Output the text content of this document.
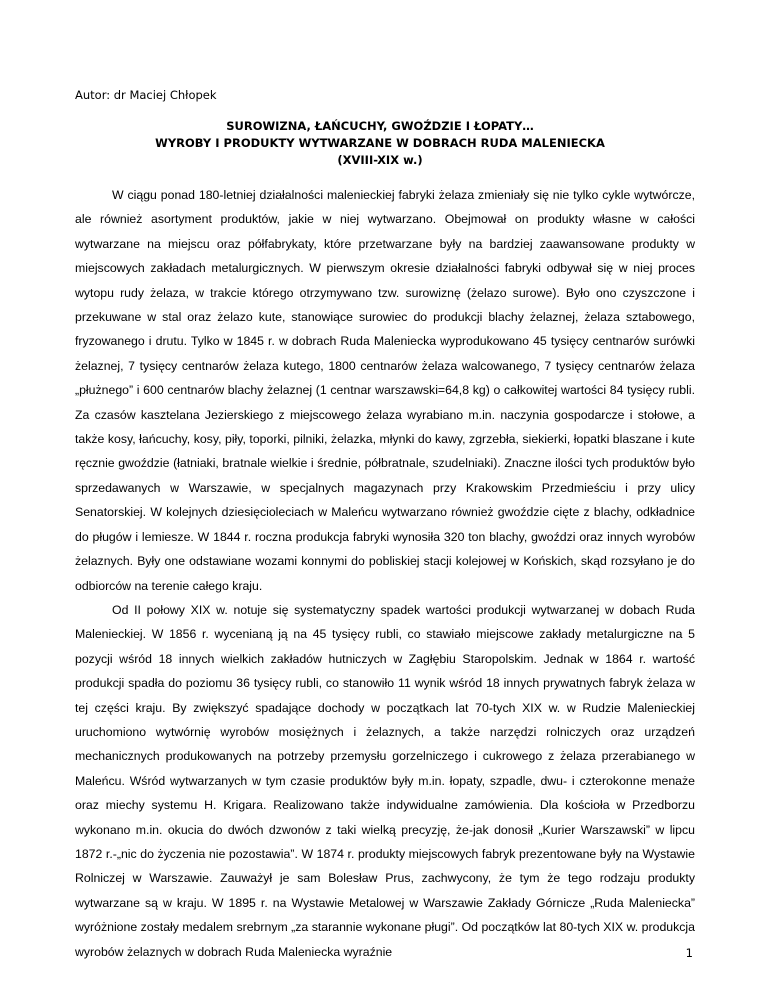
Autor: dr Maciej Chłopek
SUROWIZNA, ŁAŃCUCHY, GWOŹDZIE I ŁOPATY…
WYROBY I PRODUKTY WYTWARZANE W DOBRACH RUDA MALENIECKA
(XVIII-XIX w.)

W ciągu ponad 180-letniej działalności malenieckiej fabryki żelaza zmieniały się nie tylko cykle wytwórcze, ale również asortyment produktów, jakie w niej wytwarzano. Obejmował on produkty własne w całości wytwarzane na miejscu oraz półfabrykaty, które przetwarzane były na bardziej zaawansowane produkty w miejscowych zakładach metalurgicznych. W pierwszym okresie działalności fabryki odbywał się w niej proces wytopu rudy żelaza, w trakcie którego otrzymywano tzw. surowiznę (żelazo surowe). Było ono czyszczone i przekuwane w stal oraz żelazo kute, stanowiące surowiec do produkcji blachy żelaznej, żelaza sztabowego, fryzowanego i drutu. Tylko w 1845 r. w dobrach Ruda Maleniecka wyprodukowano 45 tysięcy centnarów surówki żelaznej, 7 tysięcy centnarów żelaza kutego, 1800 centnarów żelaza walcowanego, 7 tysięcy centnarów żelaza „płużnego” i 600 centnarów blachy żelaznej (1 centnar warszawski=64,8 kg) o całkowitej wartości 84 tysięcy rubli. Za czasów kasztelana Jezierskiego z miejscowego żelaza wyrabiano m.in. naczynia gospodarcze i stołowe, a także kosy, łańcuchy, kosy, piły, toporki, pilniki, żelazka, młynki do kawy, zgrzebła, siekierki, łopatki blaszane i kute ręcznie gwoździe (łatniaki, bratnale wielkie i średnie, półbratnale, szudelniaki). Znaczne ilości tych produktów było sprzedawanych w Warszawie, w specjalnych magazynach przy Krakowskim Przedmieściu i przy ulicy Senatorskiej. W kolejnych dziesięcioleciach w Maleńcu wytwarzano również gwoździe cięte z blachy, odkładnice do pługów i lemiesze. W 1844 r. roczna produkcja fabryki wynosiła 320 ton blachy, gwoździ oraz innych wyrobów żelaznych. Były one odstawiane wozami konnymi do pobliskiej stacji kolejowej w Końskich, skąd rozsyłano je do odbiorców na terenie całego kraju.

Od II połowy XIX w. notuje się systematyczny spadek wartości produkcji wytwarzanej w dobach Ruda Malenieckiej. W 1856 r. wycenianą ją na 45 tysięcy rubli, co stawiało miejscowe zakłady metalurgiczne na 5 pozycji wśród 18 innych wielkich zakładów hutniczych w Zagłębiu Staropolskim. Jednak w 1864 r. wartość produkcji spadła do poziomu 36 tysięcy rubli, co stanowiło 11 wynik wśród 18 innych prywatnych fabryk żelaza w tej części kraju. By zwiększyć spadające dochody w początkach lat 70-tych XIX w. w Rudzie Malenieckiej uruchomiono wytwórnię wyrobów mosiężnych i żelaznych, a także narzędzi rolniczych oraz urządzeń mechanicznych produkowanych na potrzeby przemysłu gorzelniczego i cukrowego z żelaza przerabianego w Maleńcu. Wśród wytwarzanych w tym czasie produktów były m.in. łopaty, szpadle, dwu- i czterokonne menaże oraz miechy systemu H. Krigara. Realizowano także indywidualne zamówienia. Dla kościoła w Przedborzu wykonano m.in. okucia do dwóch dzwonów z taki wielką precyzję, że-jak donosił „Kurier Warszawski” w lipcu 1872 r.-„nic do życzenia nie pozostawia”. W 1874 r. produkty miejscowych fabryk prezentowane były na Wystawie Rolniczej w Warszawie. Zauważył je sam Bolesław Prus, zachwycony, że tym że tego rodzaju produkty wytwarzane są w kraju. W 1895 r. na Wystawie Metalowej w Warszawie Zakłady Górnicze „Ruda Maleniecka” wyróżnione zostały medalem srebrnym „za starannie wykonane pługi”. Od początków lat 80-tych XIX w. produkcja wyrobów żelaznych w dobrach Ruda Maleniecka wyraźnie	1
